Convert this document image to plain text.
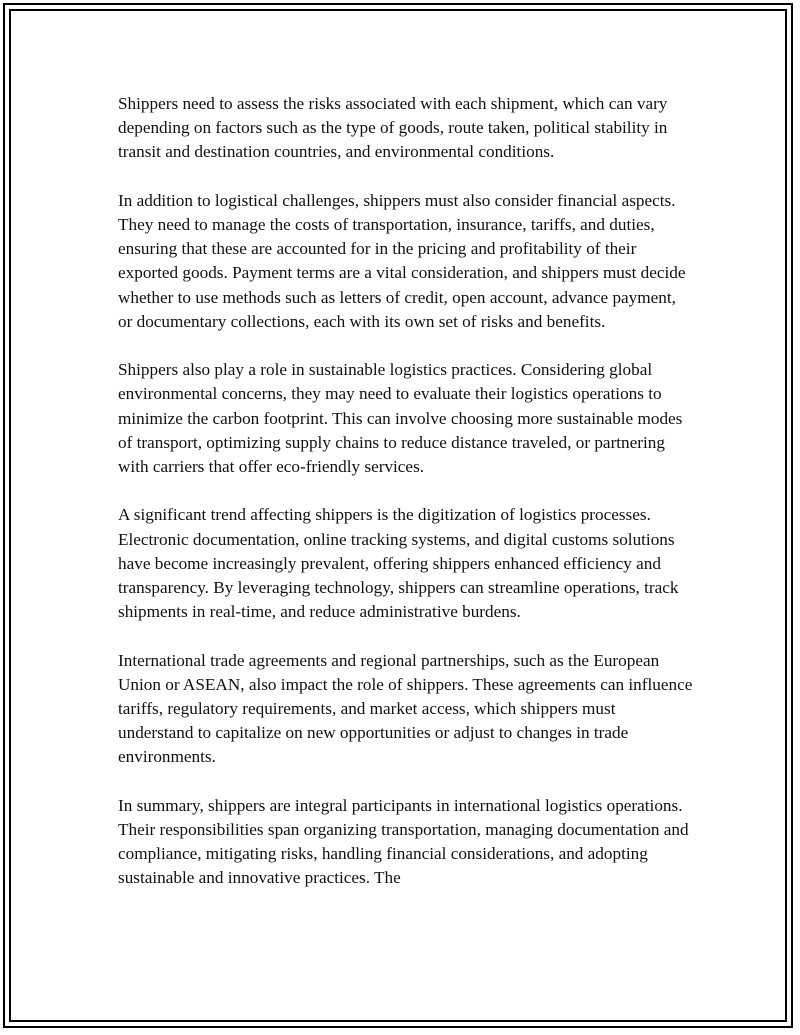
Shippers need to assess the risks associated with each shipment, which can vary depending on factors such as the type of goods, route taken, political stability in transit and destination countries, and environmental conditions.

In addition to logistical challenges, shippers must also consider financial aspects. They need to manage the costs of transportation, insurance, tariffs, and duties, ensuring that these are accounted for in the pricing and profitability of their exported goods. Payment terms are a vital consideration, and shippers must decide whether to use methods such as letters of credit, open account, advance payment, or documentary collections, each with its own set of risks and benefits.

Shippers also play a role in sustainable logistics practices. Considering global environmental concerns, they may need to evaluate their logistics operations to minimize the carbon footprint. This can involve choosing more sustainable modes of transport, optimizing supply chains to reduce distance traveled, or partnering with carriers that offer eco-friendly services.

A significant trend affecting shippers is the digitization of logistics processes. Electronic documentation, online tracking systems, and digital customs solutions have become increasingly prevalent, offering shippers enhanced efficiency and transparency. By leveraging technology, shippers can streamline operations, track shipments in real-time, and reduce administrative burdens.

International trade agreements and regional partnerships, such as the European Union or ASEAN, also impact the role of shippers. These agreements can influence tariffs, regulatory requirements, and market access, which shippers must understand to capitalize on new opportunities or adjust to changes in trade environments.

In summary, shippers are integral participants in international logistics operations. Their responsibilities span organizing transportation, managing documentation and compliance, mitigating risks, handling financial considerations, and adopting sustainable and innovative practices. The
